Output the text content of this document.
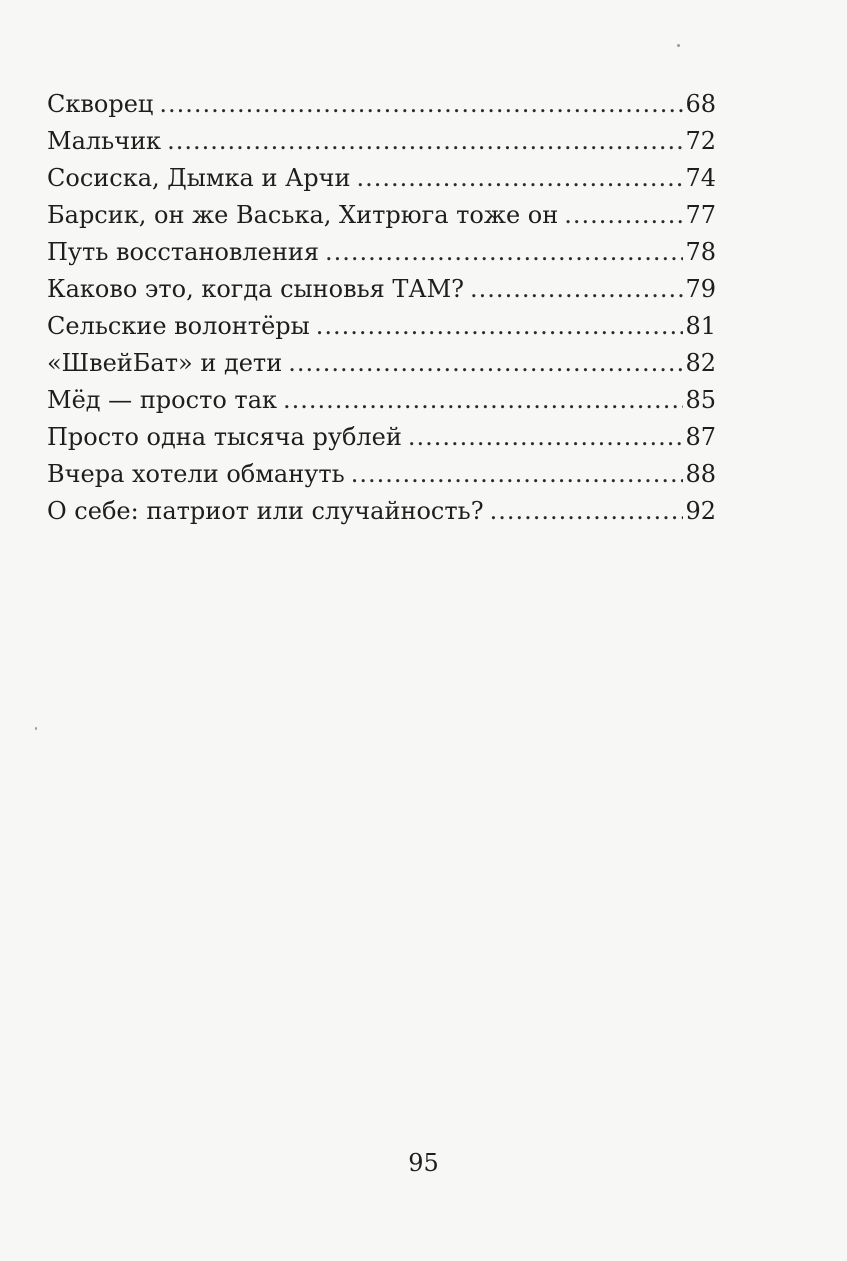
Скворец .....	68
Мальчик .....	72
Сосиска, Дымка и Арчи .....	74
Барсик, он же Васька, Хитрюга тоже он .....	77
Путь восстановления .....	78
Каково это, когда сыновья ТАМ? .....	79
Сельские волонтёры .....	81
«ШвейБат» и дети .....	82
Мёд — просто так .....	85
Просто одна тысяча рублей .....	87
Вчера хотели обмануть .....	88
О себе: патриот или случайность? .....	92

95
